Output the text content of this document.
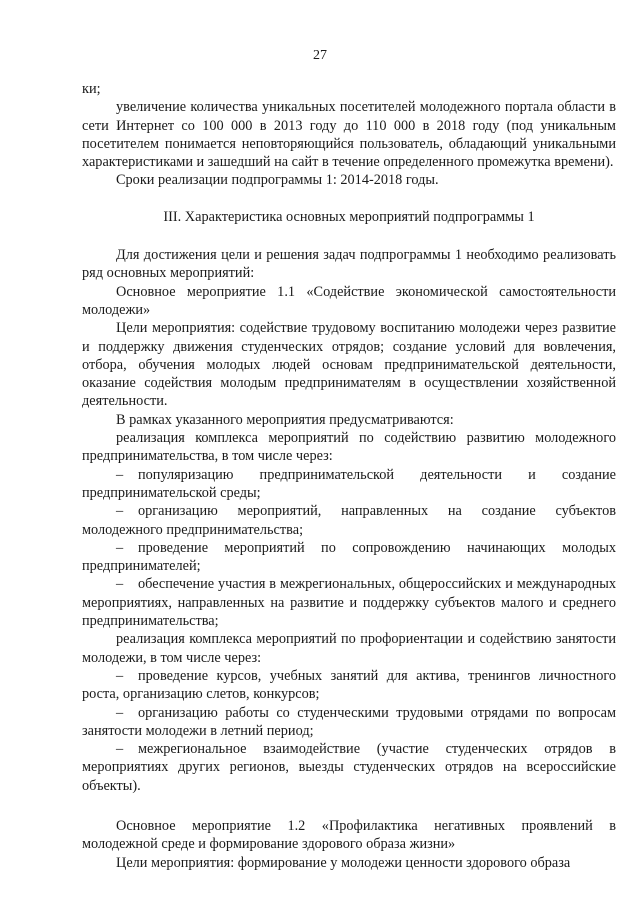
27

ки;

увеличение количества уникальных посетителей молодежного портала области в сети Интернет со 100 000 в 2013 году до 110 000 в 2018 году (под уникальным посетителем понимается неповторяющийся пользователь, обладающий уникальными характеристиками и зашедший на сайт в течение определенного промежутка времени).

Сроки реализации подпрограммы 1: 2014-2018 годы.

III. Характеристика основных мероприятий подпрограммы 1

Для достижения цели и решения задач подпрограммы 1 необходимо реализовать ряд основных мероприятий:

Основное мероприятие 1.1 «Содействие экономической самостоятельности молодежи»

Цели мероприятия: содействие трудовому воспитанию молодежи через развитие и поддержку движения студенческих отрядов; создание условий для вовлечения, отбора, обучения молодых людей основам предпринимательской деятельности, оказание содействия молодым предпринимателям в осуществлении хозяйственной деятельности.

В рамках указанного мероприятия предусматриваются:

реализация комплекса мероприятий по содействию развитию молодежного предпринимательства, в том числе через:

– популяризацию предпринимательской деятельности и создание предпринимательской среды;

– организацию мероприятий, направленных на создание субъектов молодежного предпринимательства;

– проведение мероприятий по сопровождению начинающих молодых предпринимателей;

– обеспечение участия в межрегиональных, общероссийских и международных мероприятиях, направленных на развитие и поддержку субъектов малого и среднего предпринимательства;

реализация комплекса мероприятий по профориентации и содействию занятости молодежи, в том числе через:

– проведение курсов, учебных занятий для актива, тренингов личностного роста, организацию слетов, конкурсов;

– организацию работы со студенческими трудовыми отрядами по вопросам занятости молодежи в летний период;

– межрегиональное взаимодействие (участие студенческих отрядов в мероприятиях других регионов, выезды студенческих отрядов на всероссийские объекты).

Основное мероприятие 1.2 «Профилактика негативных проявлений в молодежной среде и формирование здорового образа жизни»

Цели мероприятия: формирование у молодежи ценности здорового образа
